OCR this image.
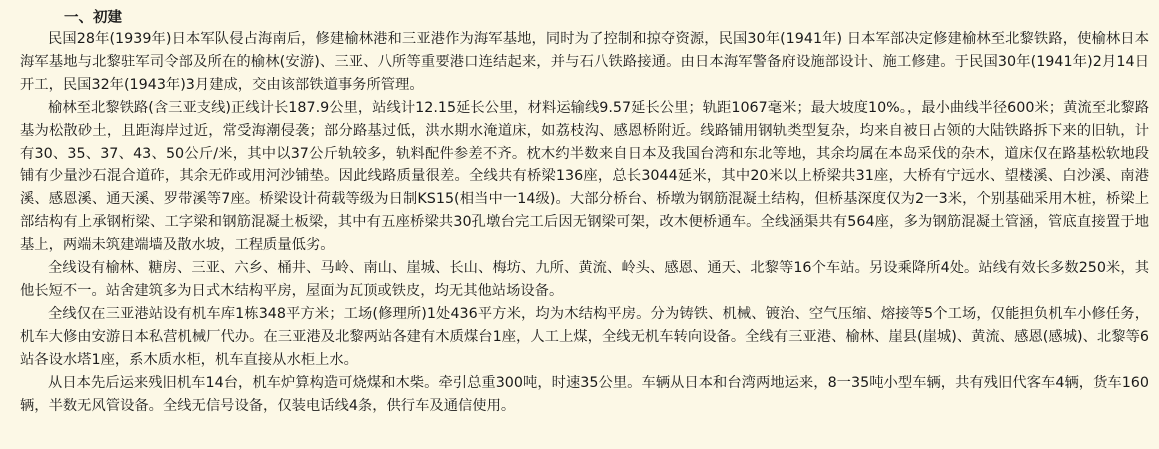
一、初建

民国28年(1939年)日本军队侵占海南后，修建榆林港和三亚港作为海军基地，同时为了控制和掠夺资源，民国30年(1941年) 日本军部决定修建榆林至北黎铁路，使榆林日本海军基地与北黎驻军司令部及所在的榆林(安游)、三亚、八所等重要港口连结起来，并与石八铁路接通。由日本海军警备府设施部设计、施工修建。于民国30年(1941年)2月14日开工，民国32年(1943年)3月建成，交由该部铁道事务所管理。

榆林至北黎铁路(含三亚支线)正线计长187.9公里，站线计12.15延长公里，材料运输线9.57延长公里；轨距1067毫米；最大坡度10%。，最小曲线半径600米；黄流至北黎路基为松散砂土，且距海岸过近，常受海潮侵袭；部分路基过低，洪水期水淹道床，如荔枝沟、感恩桥附近。线路铺用钢轨类型复杂，均来自被日占领的大陆铁路拆下来的旧轨，计有30、35、37、43、50公斤/米，其中以37公斤轨较多，轨料配件参差不齐。枕木约半数来自日本及我国台湾和东北等地，其余均属在本岛采伐的杂木，道床仅在路基松软地段铺有少量沙石混合道砟，其余无砟或用河沙铺垫。因此线路质量很差。全线共有桥梁136座，总长3044延米，其中20米以上桥梁共31座，大桥有宁远水、望楼溪、白沙溪、南港溪、感恩溪、通天溪、罗带溪等7座。桥梁设计荷载等级为日制KS15(相当中一14级)。大部分桥台、桥墩为钢筋混凝土结构，但桥基深度仅为2一3米，个别基础采用木桩，桥梁上部结构有上承钢桁梁、工字梁和钢筋混凝土板梁，其中有五座桥梁共30孔墩台完工后因无钢梁可架，改木便桥通车。全线涵渠共有564座，多为钢筋混凝土管涵，管底直接置于地基上，两端未筑建端墙及散水坡，工程质量低劣。

全线设有榆林、糖房、三亚、六乡、桶井、马岭、南山、崖城、长山、梅坊、九所、黄流、岭头、感恩、通天、北黎等16个车站。另设乘降所4处。站线有效长多数250米，其他长短不一。站舍建筑多为日式木结构平房，屋面为瓦顶或铁皮，均无其他站场设备。

全线仅在三亚港站设有机车库1栋348平方米；工场(修理所)1处436平方米，均为木结构平房。分为铸铁、机械、镀治、空气压缩、熔接等5个工场，仅能担负机车小修任务，机车大修由安游日本私营机械厂代办。在三亚港及北黎两站各建有木质煤台1座，人工上煤，全线无机车转向设备。全线有三亚港、榆林、崖县(崖城)、黄流、感恩(感城)、北黎等6站各设水塔1座，系木质水柜，机车直接从水柜上水。

从日本先后运来残旧机车14台，机车炉算构造可烧煤和木柴。牵引总重300吨，时速35公里。车辆从日本和台湾两地运来，8一35吨小型车辆，共有残旧代客车4辆，货车160辆，半数无风管设备。全线无信号设备，仅装电话线4条，供行车及通信使用。
